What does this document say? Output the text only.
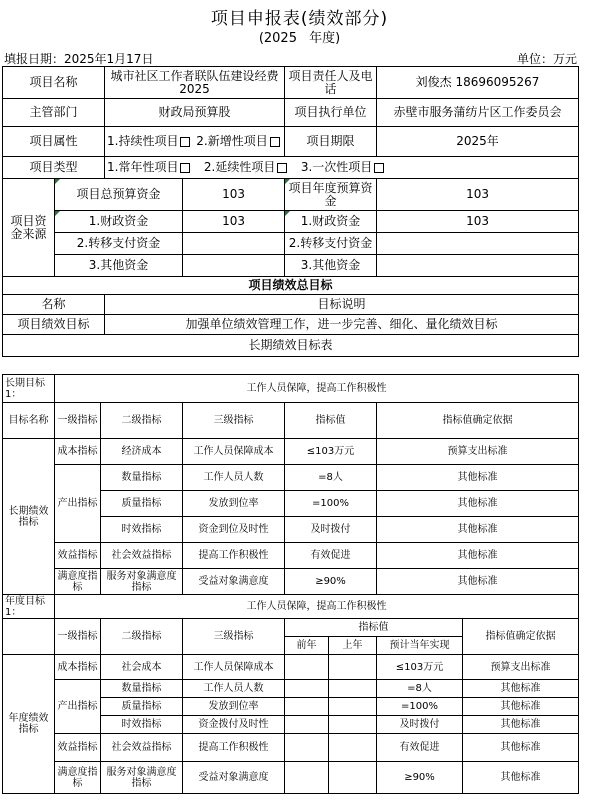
项目申报表(绩效部分)
(2025 年度)
填报日期：2025年1月17日	单位：万元
项目名称		城市社区工作者联队伍建设经费2025		项目责任人及电话	刘俊杰 18696095267
主管部门		财政局预算股		项目执行单位	赤壁市服务蒲纺片区工作委员会
项目属性		1.持续性项目 2.新增性项目		项目期限	2025年
项目类型		1.常年性项目 2.延续性项目 3.一次性项目			
项目资金来源	项目总预算资金		103	项目年度预算资金	103
	1.财政资金		103	1.财政资金	103
	2.转移支付资金			2.转移支付资金	
	3.其他资金			3.其他资金	
项目绩效总目标					
名称		目标说明			
项目绩效目标		加强单位绩效管理工作，进一步完善、细化、量化绩效目标			
长期绩效目标表					
长期目标1：	工作人员保障，提高工作积极性				
目标名称	一级指标	二级指标	三级指标	指标值	指标值确定依据
长期绩效指标	成本指标	经济成本	工作人员保障成本	≤103万元	预算支出标准
	产出指标	数量指标	工作人员人数	=8人	其他标准
		质量指标	发放到位率	=100%	其他标准
		时效指标	资金到位及时性	及时拨付	其他标准
	效益指标	社会效益指标	提高工作积极性	有效促进	其他标准
	满意度指标	服务对象满意度指标	受益对象满意度	≥90%	其他标准
年度目标1：	工作人员保障，提高工作积极性						
	一级指标	二级指标	三级指标	指标值			指标值确定依据
				前年	上年	预计当年实现	
年度绩效指标	成本指标	社会成本	工作人员保障成本			≤103万元	预算支出标准
	产出指标	数量指标	工作人员人数			=8人	其他标准
		质量指标	发放到位率			=100%	其他标准
		时效指标	资金拨付及时性			及时拨付	其他标准
	效益指标	社会效益指标	提高工作积极性			有效促进	其他标准
	满意度指标	服务对象满意度指标	受益对象满意度			≥90%	其他标准
